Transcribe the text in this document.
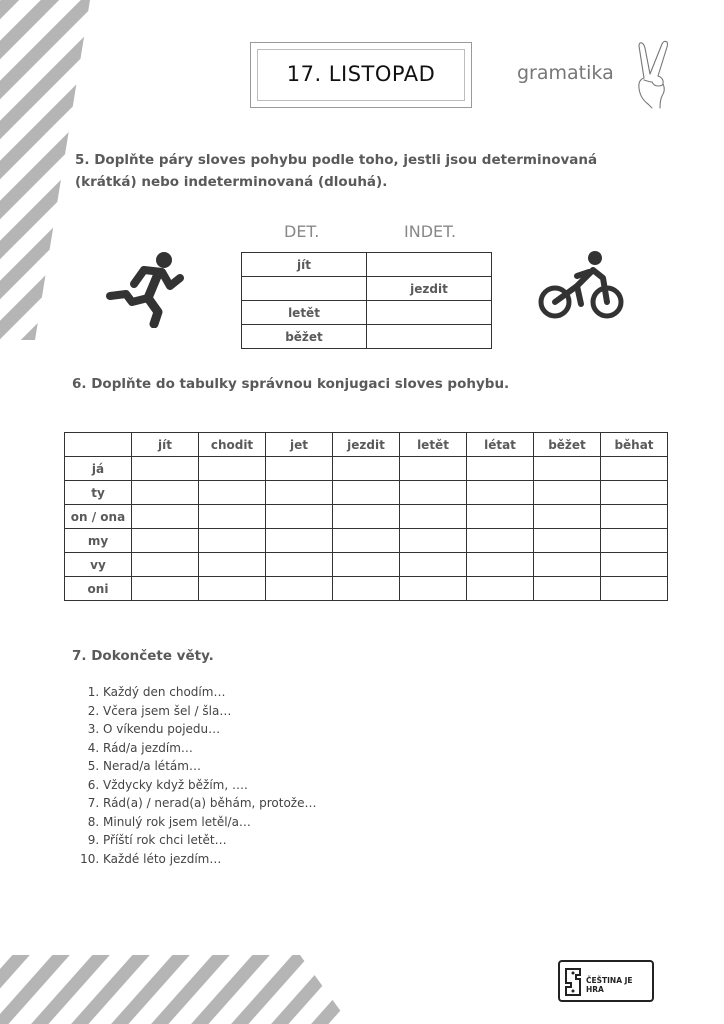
17. LISTOPAD	gramatika
5. Doplňte páry sloves pohybu podle toho, jestli jsou determinovaná (krátká) nebo indeterminovaná (dlouhá).
DET.	INDET.
jít	
	jezdit
letět	
běžet	
6. Doplňte do tabulky správnou konjugaci sloves pohybu.
	jít	chodit	jet	jezdit	letět	létat	běžet	běhat
já								
ty								
on / ona								
my								
vy								
oni								
7. Dokončete věty.
1. Každý den chodím…
2. Včera jsem šel / šla…
3. O víkendu pojedu…
4. Rád/a jezdím…
5. Nerad/a létám…
6. Vždycky když běžím, ….
7. Rád(a) / nerad(a) běhám, protože…
8. Minulý rok jsem letěl/a…
9. Příští rok chci letět…
10. Každé léto jezdím…
ČEŠTINA JE HRA
